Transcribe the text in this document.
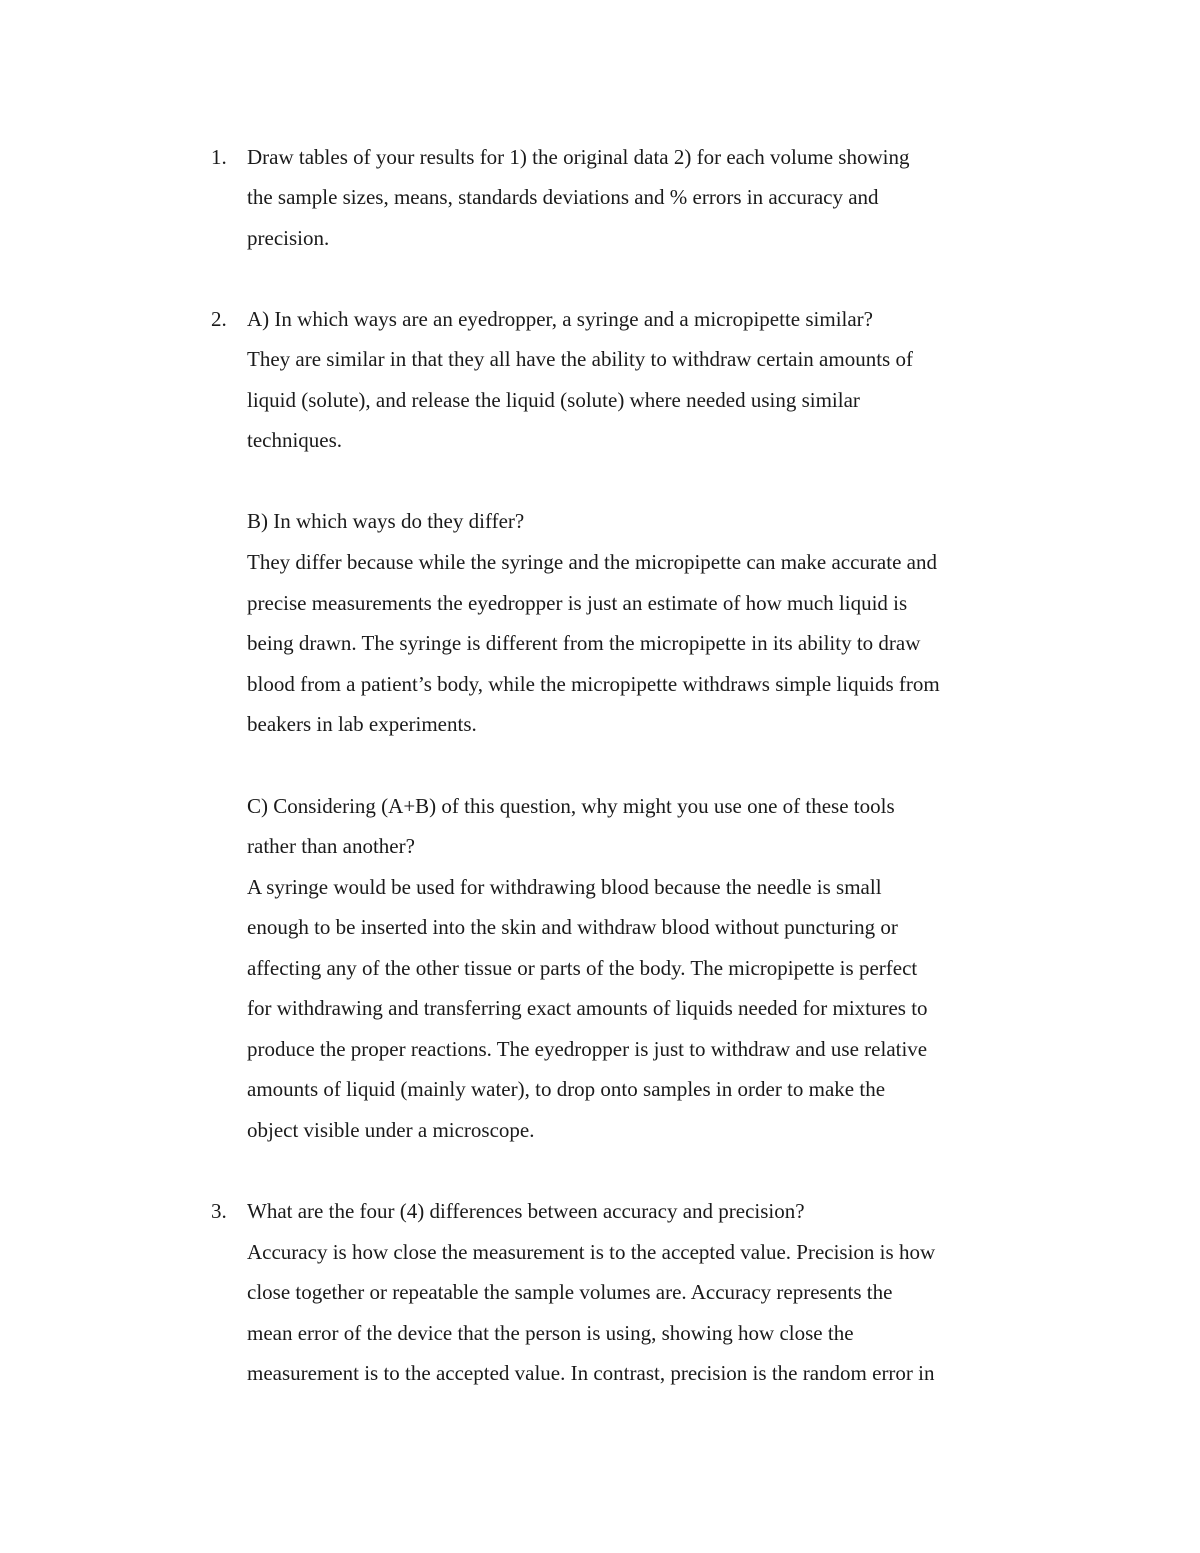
1. Draw tables of your results for 1) the original data 2) for each volume showing
the sample sizes, means, standards deviations and % errors in accuracy and
precision.
2. A) In which ways are an eyedropper, a syringe and a micropipette similar?
They are similar in that they all have the ability to withdraw certain amounts of
liquid (solute), and release the liquid (solute) where needed using similar
techniques.
B) In which ways do they differ?
They differ because while the syringe and the micropipette can make accurate and
precise measurements the eyedropper is just an estimate of how much liquid is
being drawn. The syringe is different from the micropipette in its ability to draw
blood from a patient’s body, while the micropipette withdraws simple liquids from
beakers in lab experiments.
C) Considering (A+B) of this question, why might you use one of these tools
rather than another?
A syringe would be used for withdrawing blood because the needle is small
enough to be inserted into the skin and withdraw blood without puncturing or
affecting any of the other tissue or parts of the body. The micropipette is perfect
for withdrawing and transferring exact amounts of liquids needed for mixtures to
produce the proper reactions. The eyedropper is just to withdraw and use relative
amounts of liquid (mainly water), to drop onto samples in order to make the
object visible under a microscope.
3. What are the four (4) differences between accuracy and precision?
Accuracy is how close the measurement is to the accepted value. Precision is how
close together or repeatable the sample volumes are. Accuracy represents the
mean error of the device that the person is using, showing how close the
measurement is to the accepted value. In contrast, precision is the random error in
